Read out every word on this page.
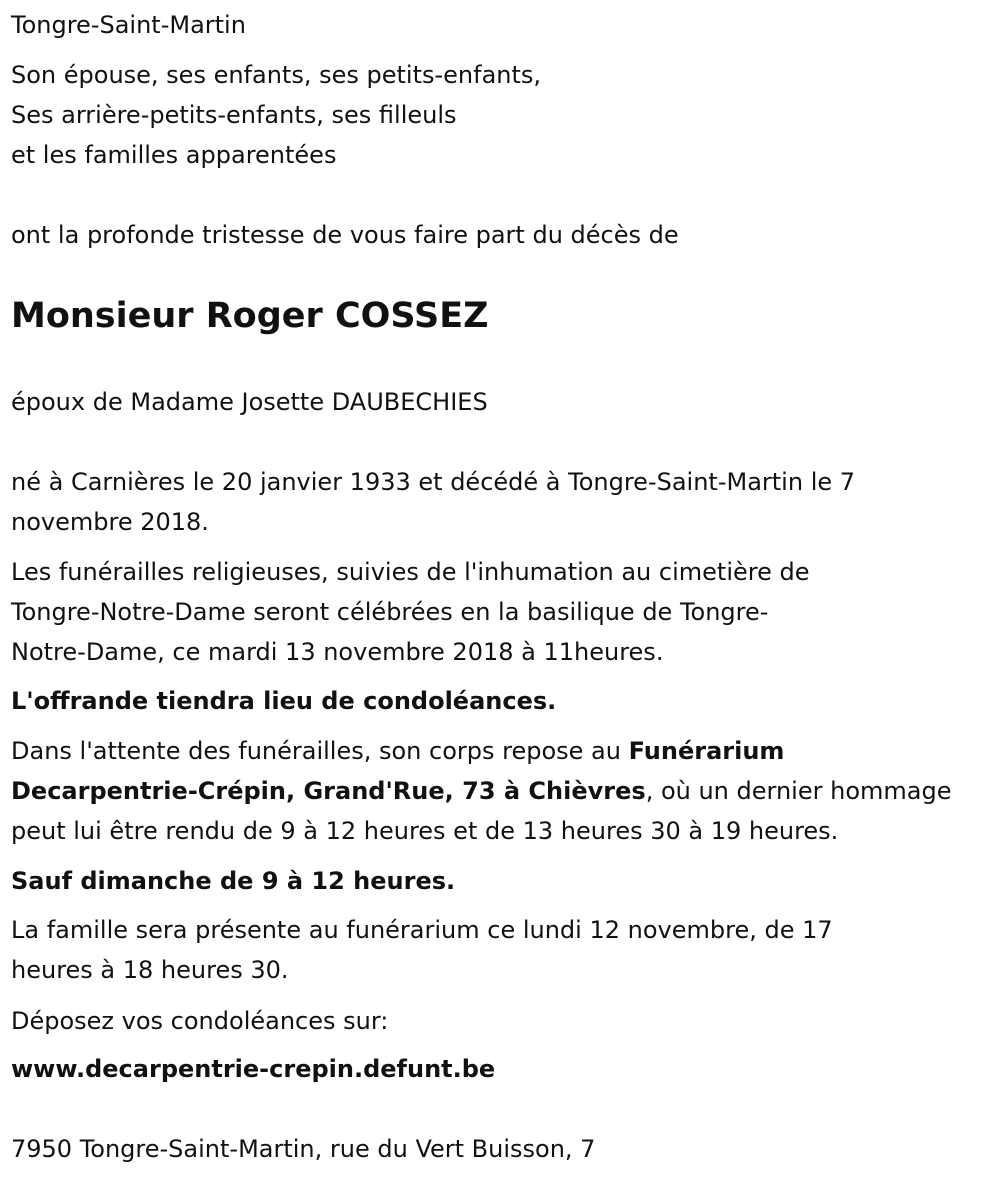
Tongre-Saint-Martin

Son épouse, ses enfants, ses petits-enfants,

Ses arrière-petits-enfants, ses filleuls

et les familles apparentées

ont la profonde tristesse de vous faire part du décès de

Monsieur Roger COSSEZ

époux de Madame Josette DAUBECHIES

né à Carnières le 20 janvier 1933 et décédé à Tongre-Saint-Martin le 7

novembre 2018.

Les funérailles religieuses, suivies de l'inhumation au cimetière de

Tongre-Notre-Dame seront célébrées en la basilique de Tongre-

Notre-Dame, ce mardi 13 novembre 2018 à 11heures.

L'offrande tiendra lieu de condoléances.

Dans l'attente des funérailles, son corps repose au Funérarium

Decarpentrie-Crépin, Grand'Rue, 73 à Chièvres, où un dernier hommage

peut lui être rendu de 9 à 12 heures et de 13 heures 30 à 19 heures.

Sauf dimanche de 9 à 12 heures.

La famille sera présente au funérarium ce lundi 12 novembre, de 17

heures à 18 heures 30.

Déposez vos condoléances sur:

www.decarpentrie-crepin.defunt.be

7950 Tongre-Saint-Martin, rue du Vert Buisson, 7
